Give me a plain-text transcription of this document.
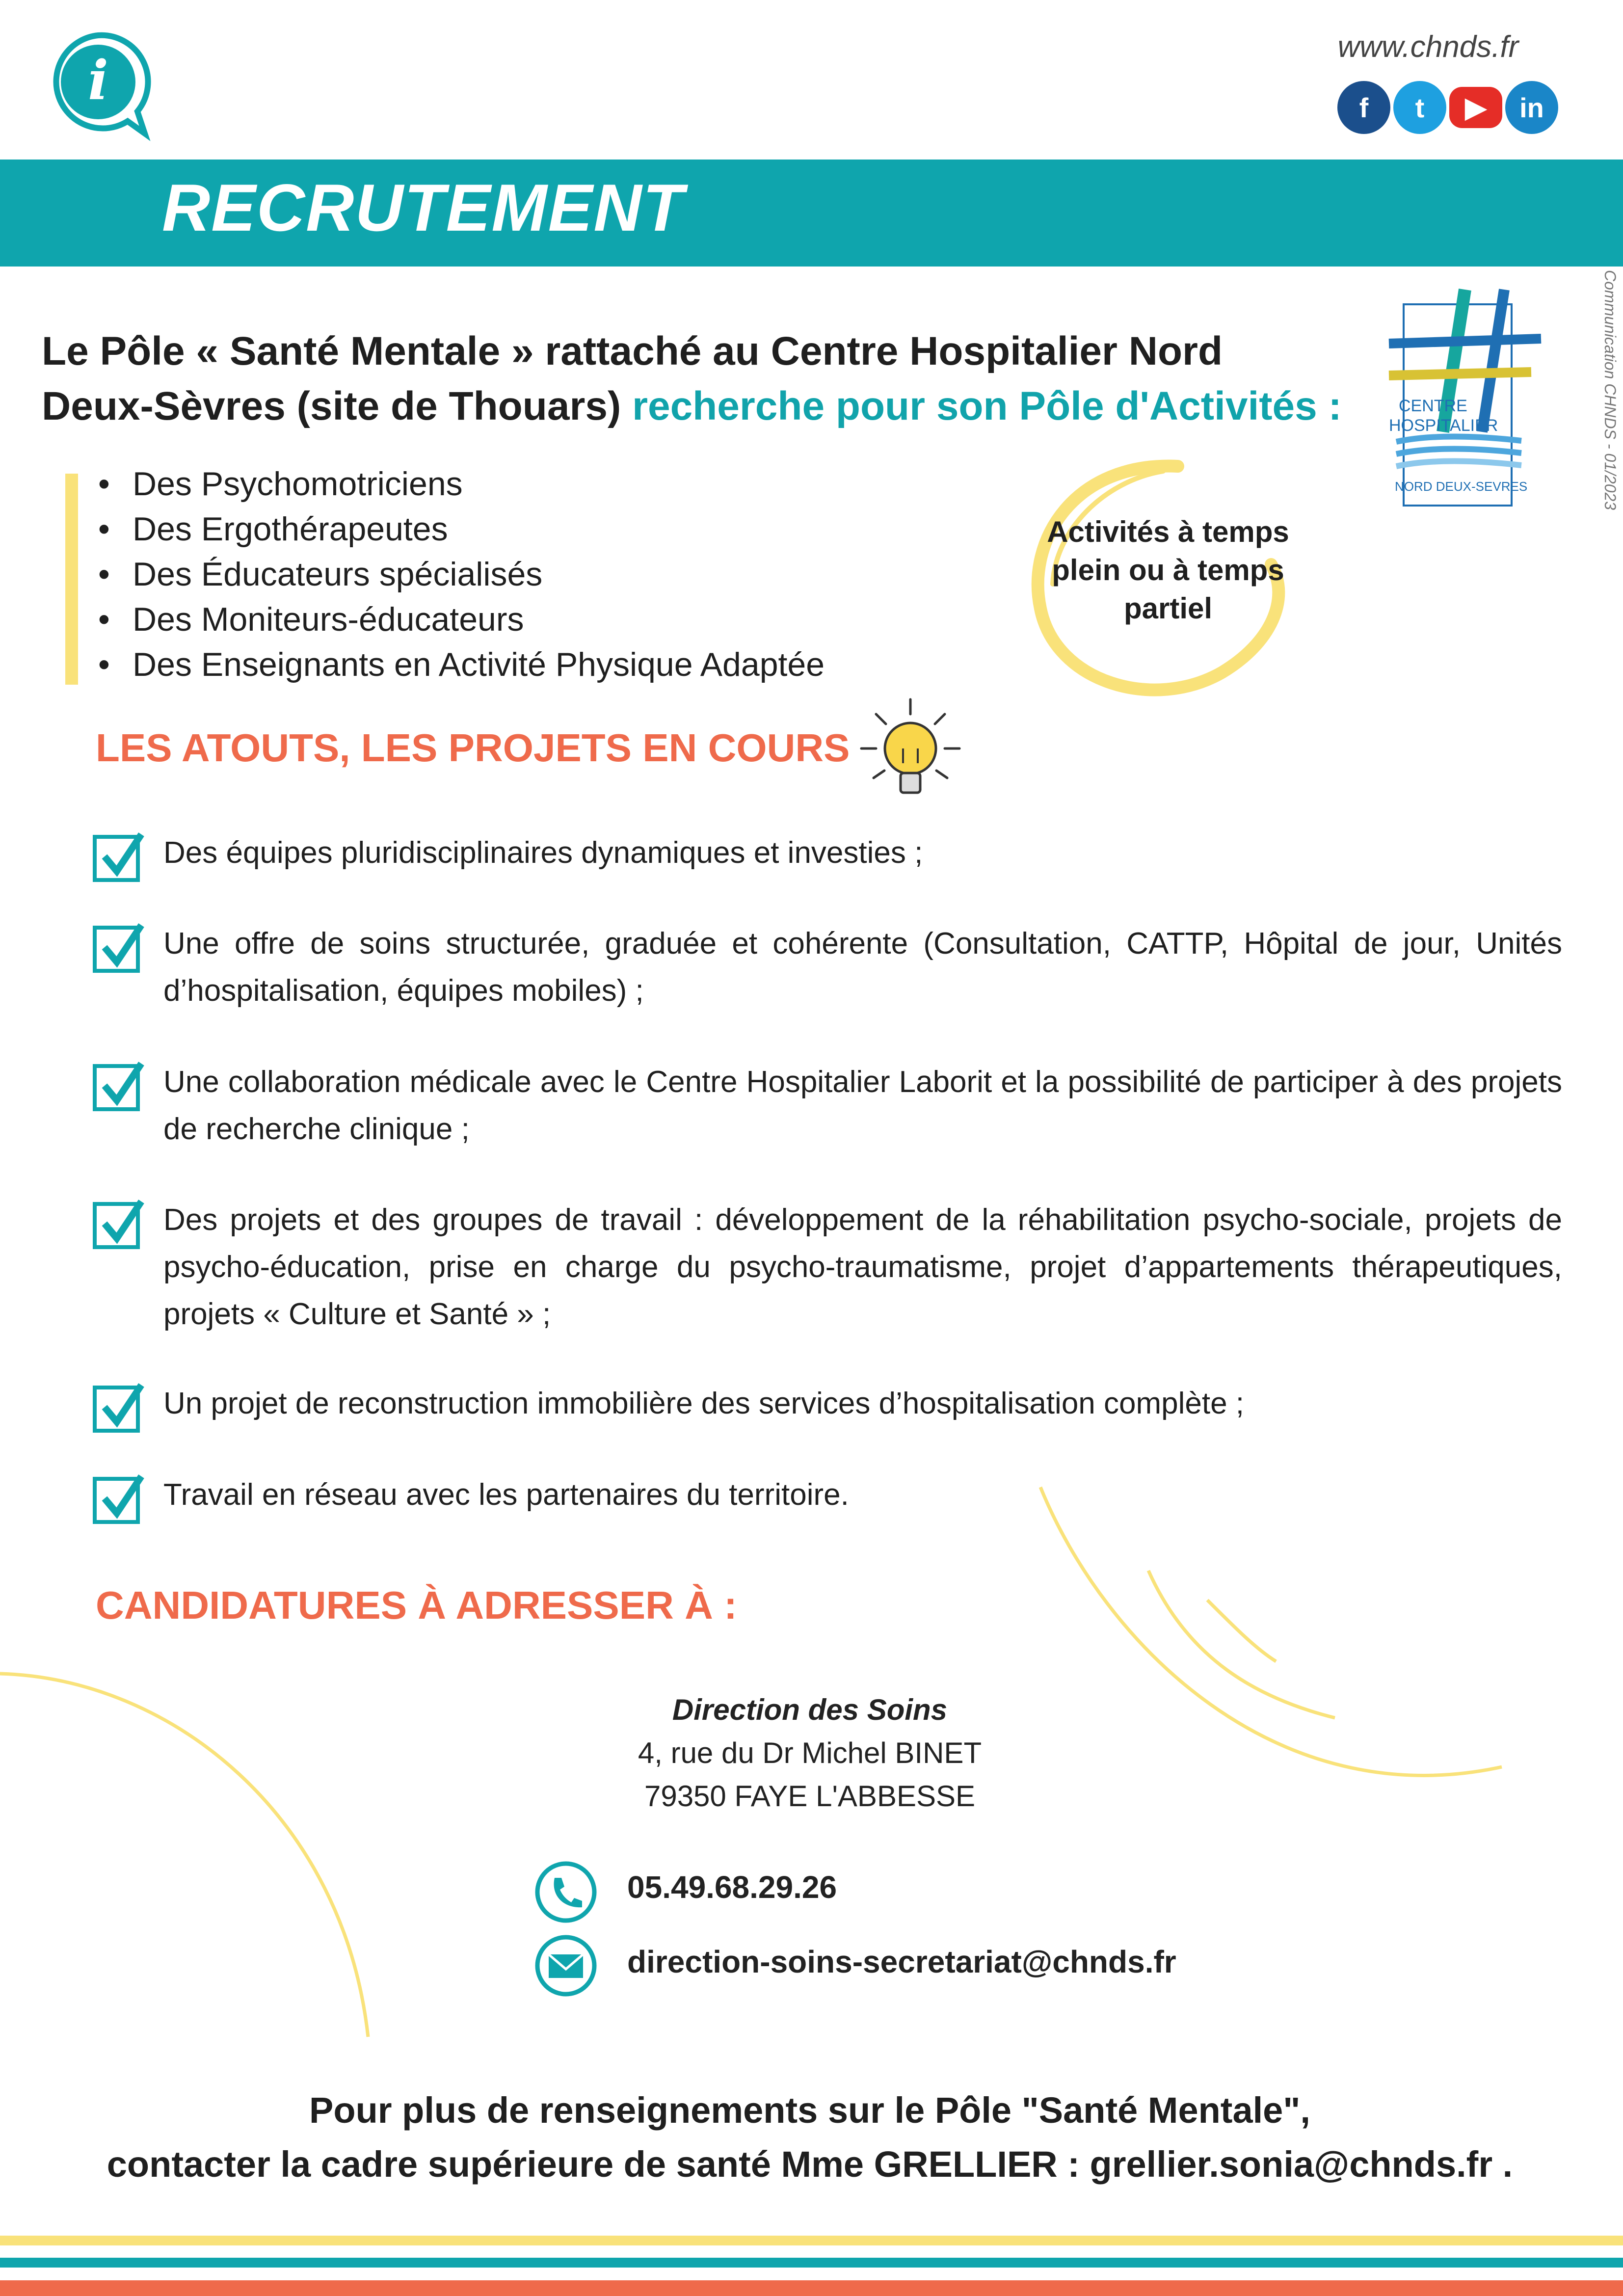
i
www.chnds.fr
f	t	▶	in
RECRUTEMENT
Communication CHNDS - 01/2023
CENTRE
HOSPITALIER
NORD DEUX-SEVRES
Le Pôle « Santé Mentale » rattaché au Centre Hospitalier Nord
Deux-Sèvres (site de Thouars) recherche pour son Pôle d'Activités :
• Des Psychomotriciens
• Des Ergothérapeutes
• Des Éducateurs spécialisés
• Des Moniteurs-éducateurs
• Des Enseignants en Activité Physique Adaptée
Activités à temps
plein ou à temps
partiel
LES ATOUTS, LES PROJETS EN COURS
Des équipes pluridisciplinaires dynamiques et investies ;
Une offre de soins structurée, graduée et cohérente (Consultation, CATTP, Hôpital de jour, Unités d’hospitalisation, équipes mobiles) ;
Une collaboration médicale avec le Centre Hospitalier Laborit et la possibilité de participer à des projets de recherche clinique ;
Des projets et des groupes de travail : développement de la réhabilitation psycho-sociale, projets de psycho-éducation, prise en charge du psycho-traumatisme, projet d’appartements thérapeutiques, projets « Culture et Santé » ;
Un projet de reconstruction immobilière des services d’hospitalisation complète ;
Travail en réseau avec les partenaires du territoire.
CANDIDATURES À ADRESSER À :
Direction des Soins
4, rue du Dr Michel BINET
79350 FAYE L'ABBESSE
05.49.68.29.26
direction-soins-secretariat@chnds.fr
Pour plus de renseignements sur le Pôle "Santé Mentale",
contacter la cadre supérieure de santé Mme GRELLIER : grellier.sonia@chnds.fr .
